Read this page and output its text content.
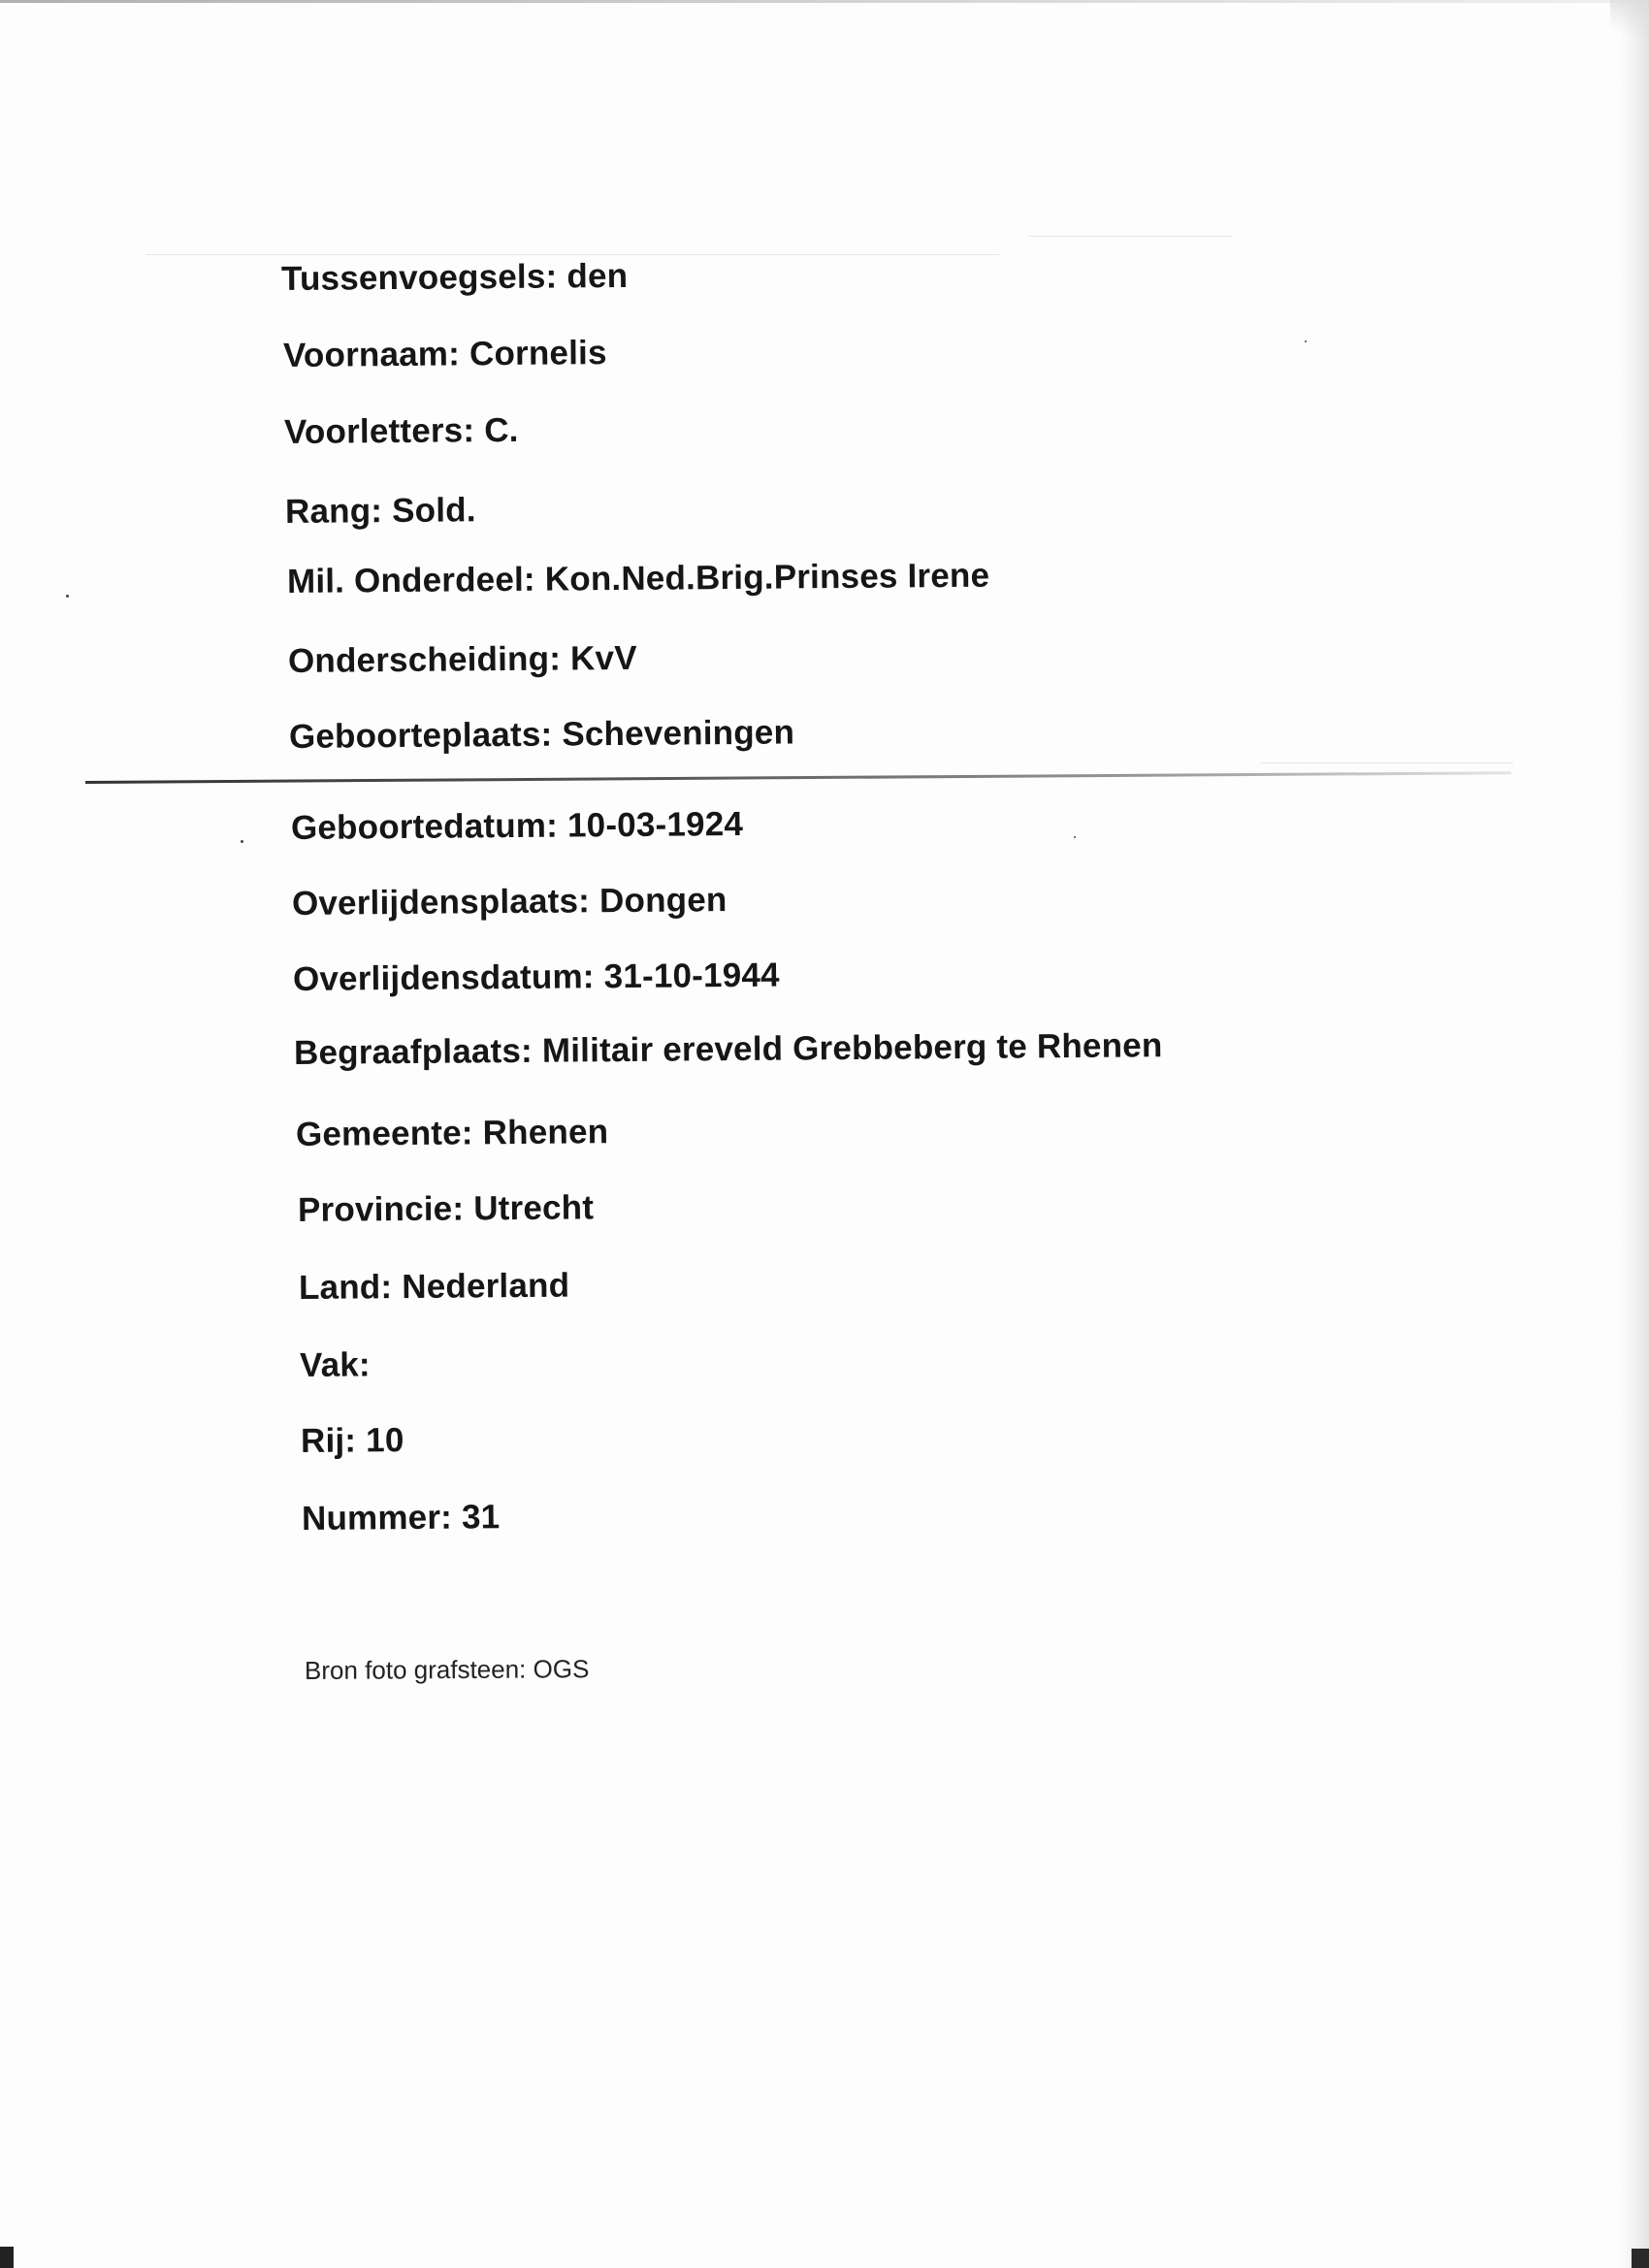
Tussenvoegsels: den
Voornaam: Cornelis
Voorletters: C.
Rang: Sold.
Mil. Onderdeel: Kon.Ned.Brig.Prinses Irene
Onderscheiding: KvV
Geboorteplaats: Scheveningen
Geboortedatum: 10-03-1924
Overlijdensplaats: Dongen
Overlijdensdatum: 31-10-1944
Begraafplaats: Militair ereveld Grebbeberg te Rhenen
Gemeente: Rhenen
Provincie: Utrecht
Land: Nederland
Vak:
Rij: 10
Nummer: 31
Bron foto grafsteen: OGS
